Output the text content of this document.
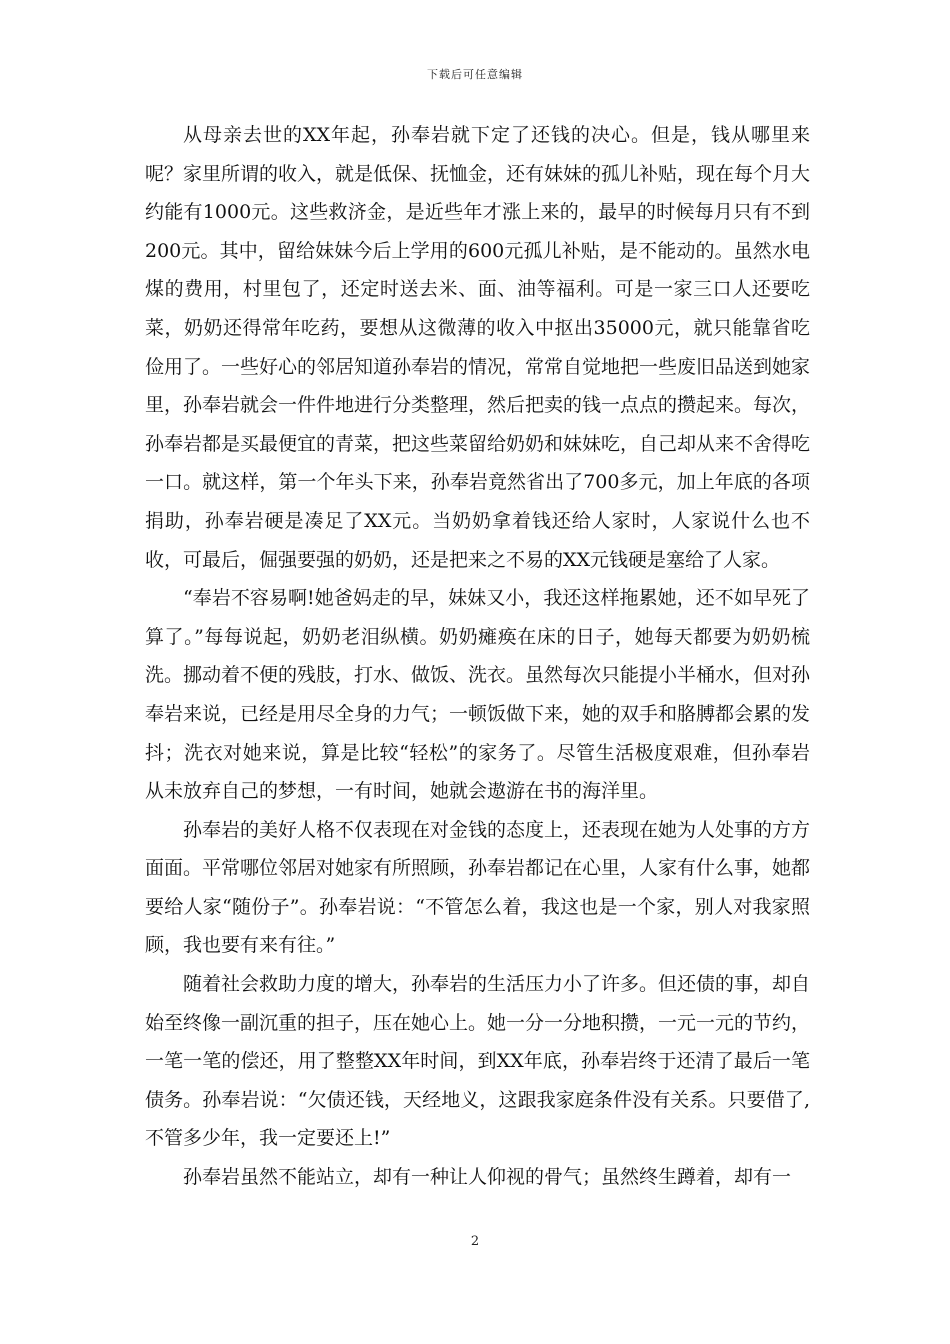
下载后可任意编辑

从母亲去世的XX年起，孙奉岩就下定了还钱的决心。但是，钱从哪里来呢？家里所谓的收入，就是低保、抚恤金，还有妹妹的孤儿补贴，现在每个月大约能有1000元。这些救济金，是近些年才涨上来的，最早的时候每月只有不到200元。其中，留给妹妹今后上学用的600元孤儿补贴，是不能动的。虽然水电煤的费用，村里包了，还定时送去米、面、油等福利。可是一家三口人还要吃菜，奶奶还得常年吃药，要想从这微薄的收入中抠出35000元，就只能靠省吃俭用了。一些好心的邻居知道孙奉岩的情况，常常自觉地把一些废旧品送到她家里，孙奉岩就会一件件地进行分类整理，然后把卖的钱一点点的攒起来。每次，孙奉岩都是买最便宜的青菜，把这些菜留给奶奶和妹妹吃，自己却从来不舍得吃一口。就这样，第一个年头下来，孙奉岩竟然省出了700多元，加上年底的各项捐助，孙奉岩硬是凑足了XX元。当奶奶拿着钱还给人家时，人家说什么也不收，可最后，倔强要强的奶奶，还是把来之不易的XX元钱硬是塞给了人家。

“奉岩不容易啊!她爸妈走的早，妹妹又小，我还这样拖累她，还不如早死了算了。”每每说起，奶奶老泪纵横。奶奶瘫痪在床的日子，她每天都要为奶奶梳洗。挪动着不便的残肢，打水、做饭、洗衣。虽然每次只能提小半桶水，但对孙奉岩来说，已经是用尽全身的力气；一顿饭做下来，她的双手和胳膊都会累的发抖；洗衣对她来说，算是比较“轻松”的家务了。尽管生活极度艰难，但孙奉岩从未放弃自己的梦想，一有时间，她就会遨游在书的海洋里。

孙奉岩的美好人格不仅表现在对金钱的态度上，还表现在她为人处事的方方面面。平常哪位邻居对她家有所照顾，孙奉岩都记在心里，人家有什么事，她都要给人家“随份子”。孙奉岩说：“不管怎么着，我这也是一个家，别人对我家照顾，我也要有来有往。”

随着社会救助力度的增大，孙奉岩的生活压力小了许多。但还债的事，却自始至终像一副沉重的担子，压在她心上。她一分一分地积攒，一元一元的节约，一笔一笔的偿还，用了整整XX年时间，到XX年底，孙奉岩终于还清了最后一笔债务。孙奉岩说：“欠债还钱，天经地义，这跟我家庭条件没有关系。只要借了,不管多少年，我一定要还上!”

孙奉岩虽然不能站立，却有一种让人仰视的骨气；虽然终生蹲着，却有一

2
